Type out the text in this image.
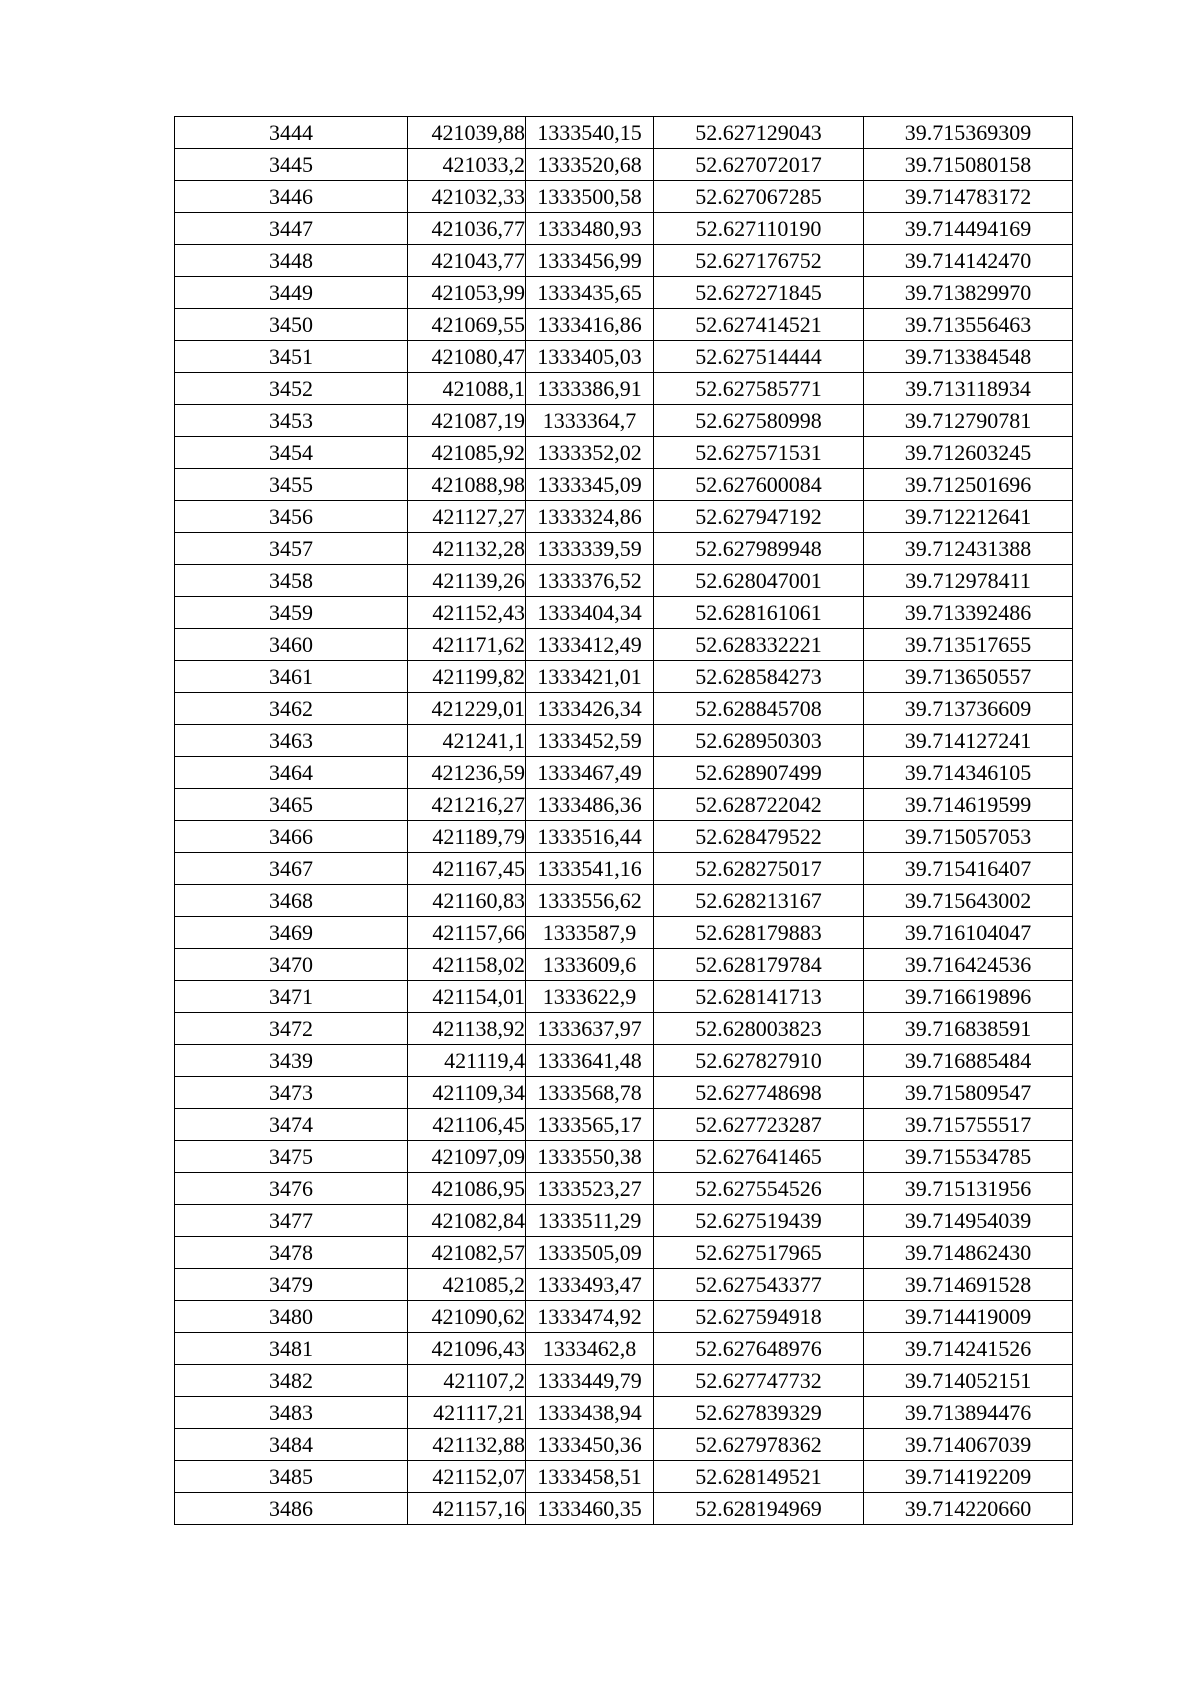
3444	421039,88	1333540,15	52.627129043	39.715369309
3445	421033,2	1333520,68	52.627072017	39.715080158
3446	421032,33	1333500,58	52.627067285	39.714783172
3447	421036,77	1333480,93	52.627110190	39.714494169
3448	421043,77	1333456,99	52.627176752	39.714142470
3449	421053,99	1333435,65	52.627271845	39.713829970
3450	421069,55	1333416,86	52.627414521	39.713556463
3451	421080,47	1333405,03	52.627514444	39.713384548
3452	421088,1	1333386,91	52.627585771	39.713118934
3453	421087,19	1333364,7	52.627580998	39.712790781
3454	421085,92	1333352,02	52.627571531	39.712603245
3455	421088,98	1333345,09	52.627600084	39.712501696
3456	421127,27	1333324,86	52.627947192	39.712212641
3457	421132,28	1333339,59	52.627989948	39.712431388
3458	421139,26	1333376,52	52.628047001	39.712978411
3459	421152,43	1333404,34	52.628161061	39.713392486
3460	421171,62	1333412,49	52.628332221	39.713517655
3461	421199,82	1333421,01	52.628584273	39.713650557
3462	421229,01	1333426,34	52.628845708	39.713736609
3463	421241,1	1333452,59	52.628950303	39.714127241
3464	421236,59	1333467,49	52.628907499	39.714346105
3465	421216,27	1333486,36	52.628722042	39.714619599
3466	421189,79	1333516,44	52.628479522	39.715057053
3467	421167,45	1333541,16	52.628275017	39.715416407
3468	421160,83	1333556,62	52.628213167	39.715643002
3469	421157,66	1333587,9	52.628179883	39.716104047
3470	421158,02	1333609,6	52.628179784	39.716424536
3471	421154,01	1333622,9	52.628141713	39.716619896
3472	421138,92	1333637,97	52.628003823	39.716838591
3439	421119,4	1333641,48	52.627827910	39.716885484
3473	421109,34	1333568,78	52.627748698	39.715809547
3474	421106,45	1333565,17	52.627723287	39.715755517
3475	421097,09	1333550,38	52.627641465	39.715534785
3476	421086,95	1333523,27	52.627554526	39.715131956
3477	421082,84	1333511,29	52.627519439	39.714954039
3478	421082,57	1333505,09	52.627517965	39.714862430
3479	421085,2	1333493,47	52.627543377	39.714691528
3480	421090,62	1333474,92	52.627594918	39.714419009
3481	421096,43	1333462,8	52.627648976	39.714241526
3482	421107,2	1333449,79	52.627747732	39.714052151
3483	421117,21	1333438,94	52.627839329	39.713894476
3484	421132,88	1333450,36	52.627978362	39.714067039
3485	421152,07	1333458,51	52.628149521	39.714192209
3486	421157,16	1333460,35	52.628194969	39.714220660
